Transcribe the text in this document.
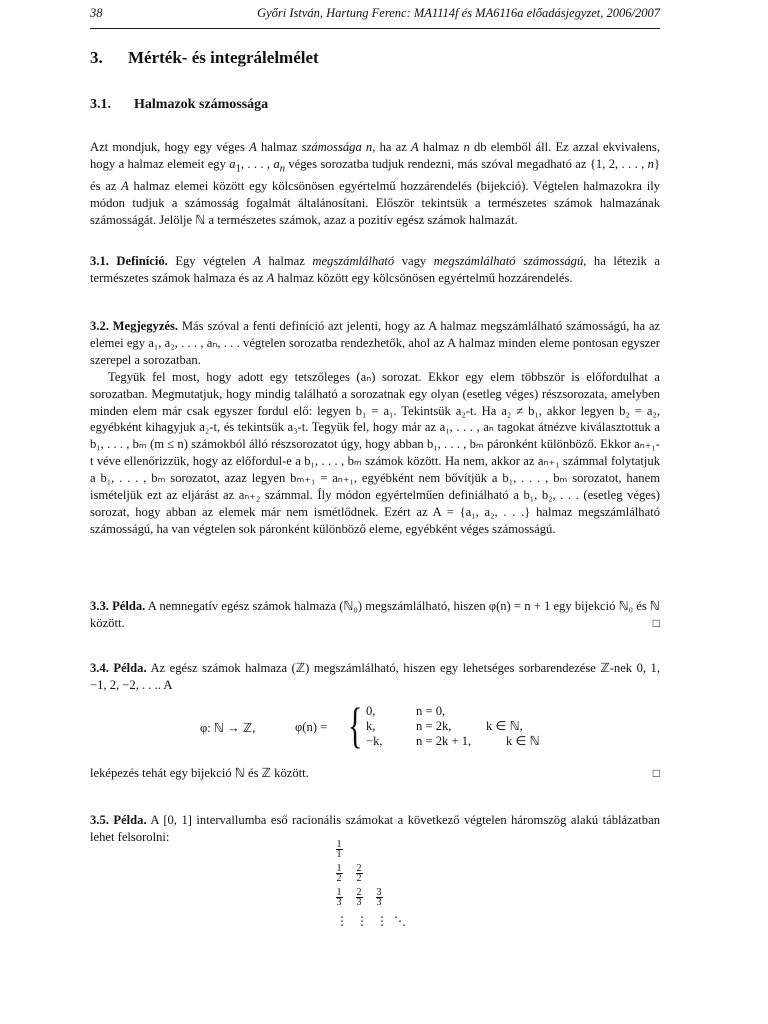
38	Győri István, Hartung Ferenc: MA1114f és MA6116a előadásjegyzet, 2006/2007
3. Mérték- és integrálelmélet
3.1. Halmazok számossága

Azt mondjuk, hogy egy véges A halmaz számossága n, ha az A halmaz n db elemből áll. Ez azzal ekvivalens, hogy a halmaz elemeit egy $a_1$, . . . , $a_n$ véges sorozatba tudjuk rendezni, más szóval megadható az {1, 2, . . . , n} és az A halmaz elemei között egy kölcsönösen egyértelmű hozzárendelés (bijekció). Végtelen halmazokra ily módon tudjuk a számosság fogalmát általánosítani. Először tekintsük a természetes számok halmazának számosságát. Jelölje ℕ a természetes számok, azaz a pozitív egész számok halmazát.

3.1. Definíció. Egy végtelen A halmaz megszámlálható vagy megszámlálható számosságú, ha létezik a természetes számok halmaza és az A halmaz között egy kölcsönösen egyértelmű hozzárendelés.

3.2. Megjegyzés. Más szóval a fenti definíció azt jelenti, hogy az A halmaz megszámlálható számosságú, ha az elemei egy a₁, a₂, . . . , aₙ, . . . végtelen sorozatba rendezhetők, ahol az A halmaz minden eleme pontosan egyszer szerepel a sorozatban.

Tegyük fel most, hogy adott egy tetszőleges (aₙ) sorozat. Ekkor egy elem többször is előfordulhat a sorozatban. Megmutatjuk, hogy mindig található a sorozatnak egy olyan (esetleg véges) részsorozata, amelyben minden elem már csak egyszer fordul elő: legyen b₁ = a₁. Tekintsük a₂-t. Ha a₂ ≠ b₁, akkor legyen b₂ = a₂, egyébként kihagyjuk a₂-t, és tekintsük a₃-t. Tegyük fel, hogy már az a₁, . . . , aₙ tagokat átnézve kiválasztottuk a b₁, . . . , bₘ (m ≤ n) számokból álló részsorozatot úgy, hogy abban b₁, . . . , bₘ páronként különböző. Ekkor aₙ₊₁-t véve ellenőrizzük, hogy az előfordul-e a b₁, . . . , bₘ számok között. Ha nem, akkor az aₙ₊₁ számmal folytatjuk a b₁, . . . , bₘ sorozatot, azaz legyen bₘ₊₁ = aₙ₊₁, egyébként nem bővítjük a b₁, . . . , bₘ sorozatot, hanem ismételjük ezt az eljárást az aₙ₊₂ számmal. Íly módon egyértelműen definiálható a b₁, b₂, . . . (esetleg véges) sorozat, hogy abban az elemek már nem ismétlődnek. Ezért az A = {a₁, a₂, . . .} halmaz megszámlálható számosságú, ha van végtelen sok páronként különböző eleme, egyébként véges számosságú.

3.3. Példa. A nemnegatív egész számok halmaza (ℕ₀) megszámlálható, hiszen φ(n) = n + 1 egy bijekció ℕ₀ és ℕ között.	□

3.4. Példa. Az egész számok halmaza (ℤ) megszámlálható, hiszen egy lehetséges sorbarendezése ℤ-nek 0, 1, −1, 2, −2, . . .. A

φ: ℕ → ℤ,	φ(n) = { 0,	n = 0,
k,	n = 2k,	k ∈ ℕ,
−k,	n = 2k + 1,	k ∈ ℕ

leképezés tehát egy bijekció ℕ és ℤ között.	□

3.5. Példa. A [0, 1] intervallumba eső racionális számokat a következő végtelen háromszög alakú táblázatban lehet felsorolni:

$\frac{1}{1}$
$\frac{1}{2} \frac{2}{2}$
$\frac{1}{3} \frac{2}{3} \frac{3}{3}$
⋮ ⋮ ⋮ ⋱
